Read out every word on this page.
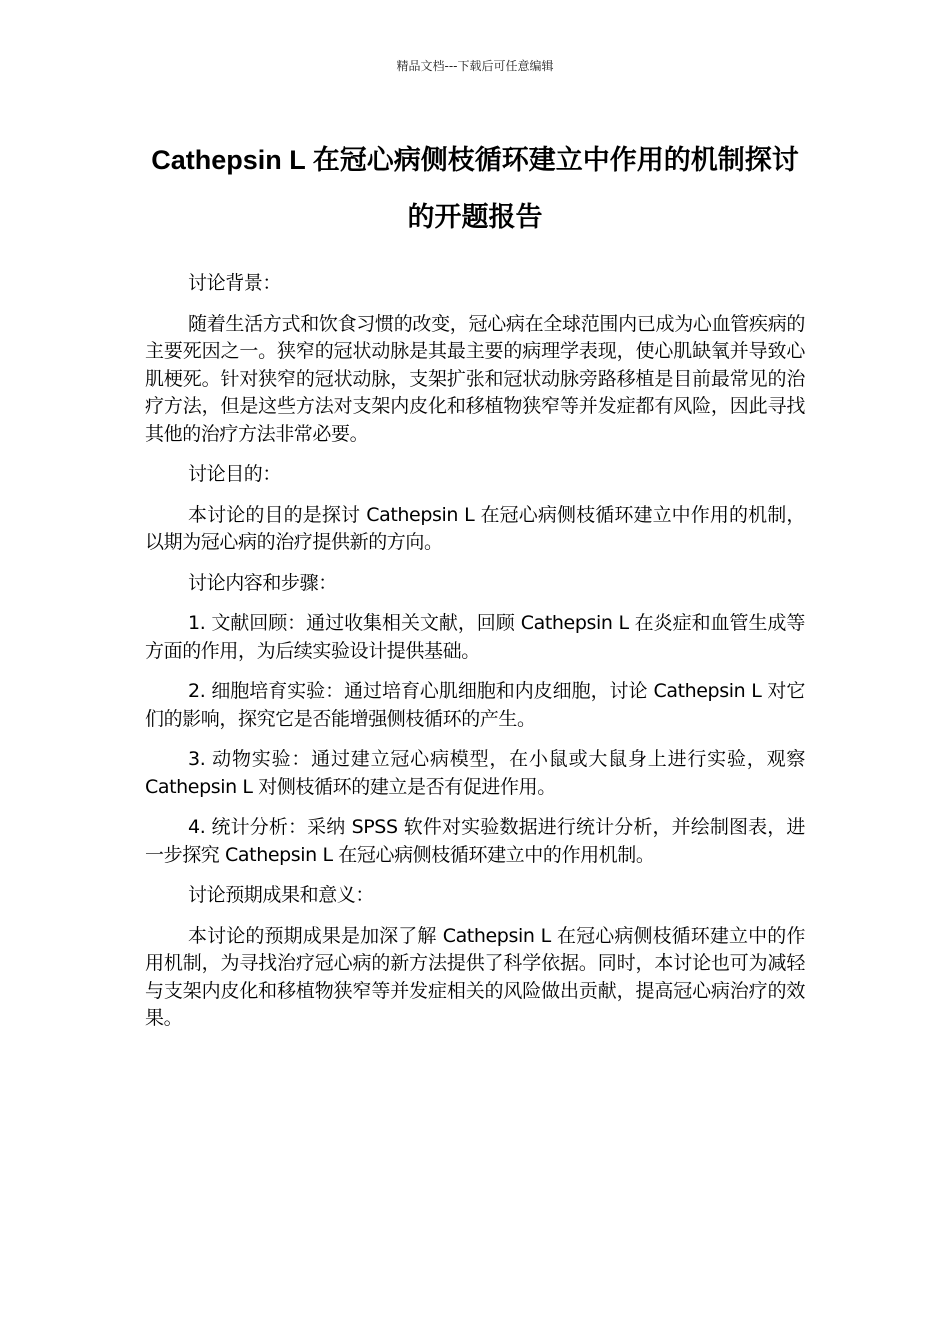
精品文档---下载后可任意编辑
Cathepsin L 在冠心病侧枝循环建立中作用的机制探讨的开题报告

讨论背景：

随着生活方式和饮食习惯的改变，冠心病在全球范围内已成为心血管疾病的主要死因之一。狭窄的冠状动脉是其最主要的病理学表现，使心肌缺氧并导致心肌梗死。针对狭窄的冠状动脉，支架扩张和冠状动脉旁路移植是目前最常见的治疗方法，但是这些方法对支架内皮化和移植物狭窄等并发症都有风险，因此寻找其他的治疗方法非常必要。

讨论目的：

本讨论的目的是探讨 Cathepsin L 在冠心病侧枝循环建立中作用的机制，以期为冠心病的治疗提供新的方向。

讨论内容和步骤：

1. 文献回顾：通过收集相关文献，回顾 Cathepsin L 在炎症和血管生成等方面的作用，为后续实验设计提供基础。

2. 细胞培育实验：通过培育心肌细胞和内皮细胞，讨论 Cathepsin L 对它们的影响，探究它是否能增强侧枝循环的产生。

3. 动物实验：通过建立冠心病模型，在小鼠或大鼠身上进行实验，观察 Cathepsin L 对侧枝循环的建立是否有促进作用。

4. 统计分析：采纳 SPSS 软件对实验数据进行统计分析，并绘制图表，进一步探究 Cathepsin L 在冠心病侧枝循环建立中的作用机制。

讨论预期成果和意义：

本讨论的预期成果是加深了解 Cathepsin L 在冠心病侧枝循环建立中的作用机制，为寻找治疗冠心病的新方法提供了科学依据。同时，本讨论也可为减轻与支架内皮化和移植物狭窄等并发症相关的风险做出贡献，提高冠心病治疗的效果。
